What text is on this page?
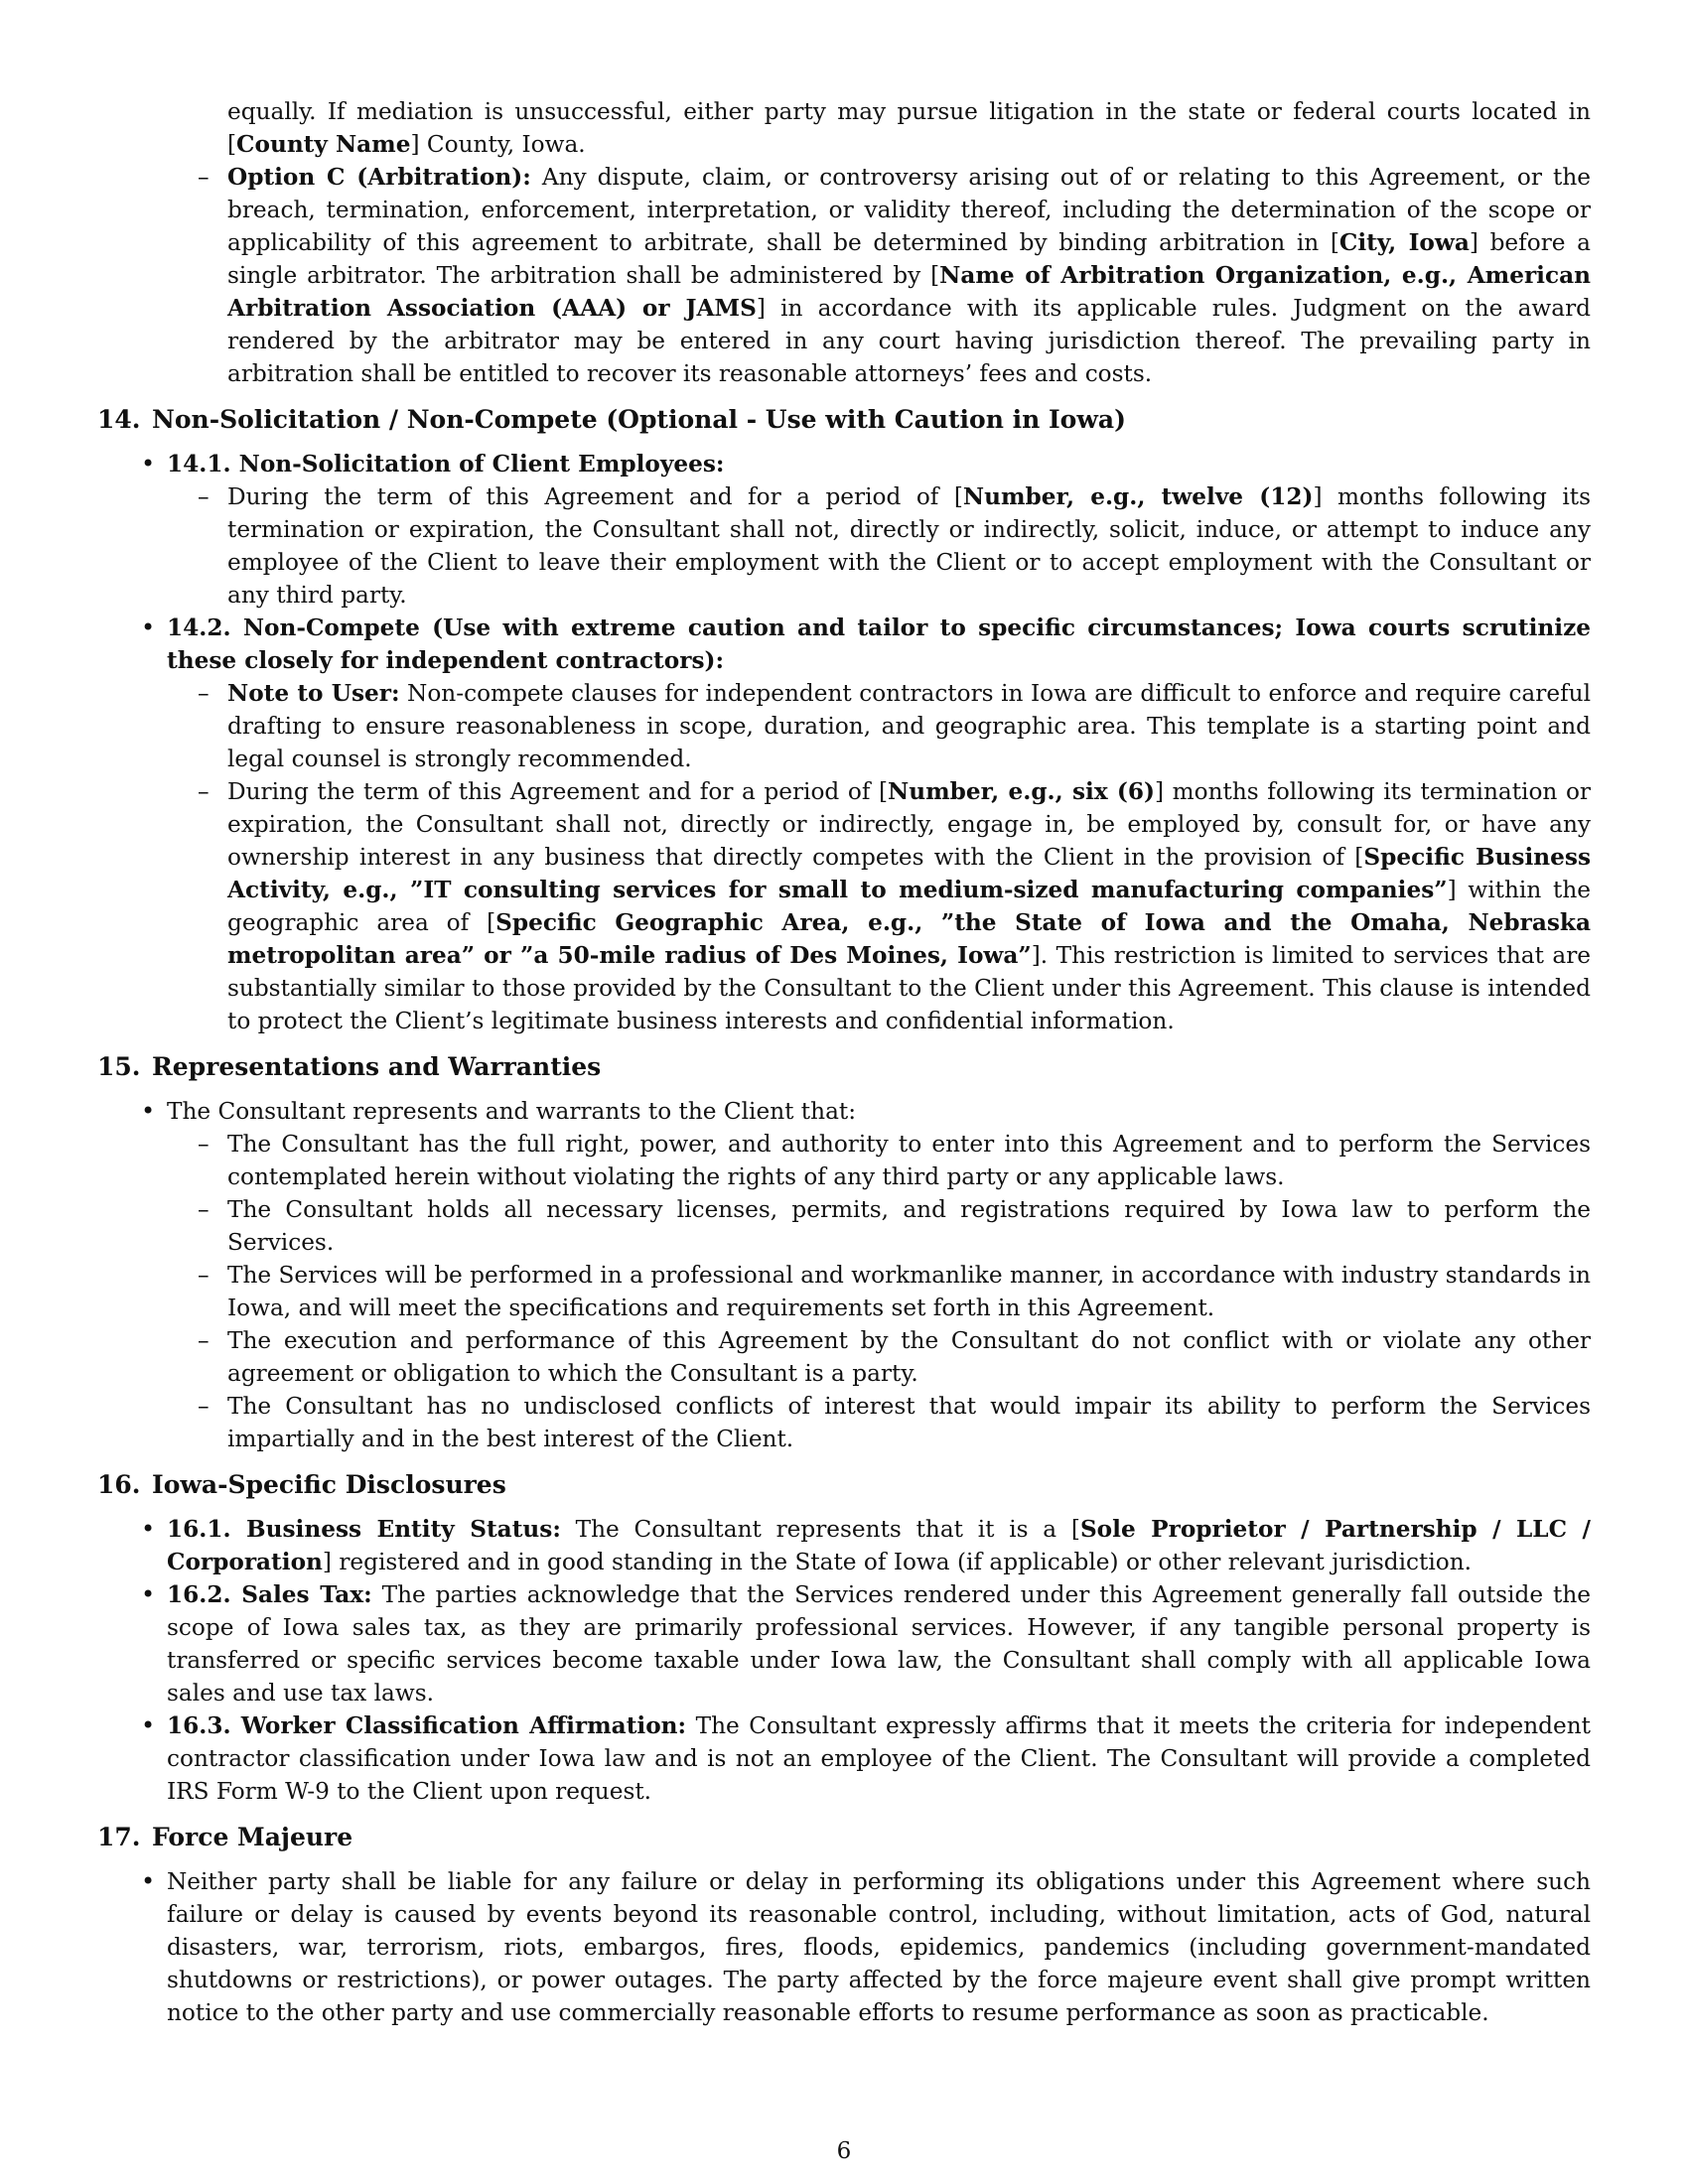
equally. If mediation is unsuccessful, either party may pursue litigation in the state or federal courts located in [County Name] County, Iowa.
– Option C (Arbitration): Any dispute, claim, or controversy arising out of or relating to this Agreement, or the breach, termination, enforcement, interpretation, or validity thereof, including the determination of the scope or applicability of this agreement to arbitrate, shall be determined by binding arbitration in [City, Iowa] before a single arbitrator. The arbitration shall be administered by [Name of Arbitration Organization, e.g., American Arbitration Association (AAA) or JAMS] in accordance with its applicable rules. Judgment on the award rendered by the arbitrator may be entered in any court having jurisdiction thereof. The prevailing party in arbitration shall be entitled to recover its reasonable attorneys’ fees and costs.
14. Non-Solicitation / Non-Compete (Optional - Use with Caution in Iowa)
• 14.1. Non-Solicitation of Client Employees:
– During the term of this Agreement and for a period of [Number, e.g., twelve (12)] months following its termination or expiration, the Consultant shall not, directly or indirectly, solicit, induce, or attempt to induce any employee of the Client to leave their employment with the Client or to accept employment with the Consultant or any third party.
• 14.2. Non-Compete (Use with extreme caution and tailor to specific circumstances; Iowa courts scrutinize these closely for independent contractors):
– Note to User: Non-compete clauses for independent contractors in Iowa are difficult to enforce and require careful drafting to ensure reasonableness in scope, duration, and geographic area. This template is a starting point and legal counsel is strongly recommended.
– During the term of this Agreement and for a period of [Number, e.g., six (6)] months following its termination or expiration, the Consultant shall not, directly or indirectly, engage in, be employed by, consult for, or have any ownership interest in any business that directly competes with the Client in the provision of [Specific Business Activity, e.g., ”IT consulting services for small to medium-sized manufacturing companies”] within the geographic area of [Specific Geographic Area, e.g., ”the State of Iowa and the Omaha, Nebraska metropolitan area” or ”a 50-mile radius of Des Moines, Iowa”]. This restriction is limited to services that are substantially similar to those provided by the Consultant to the Client under this Agreement. This clause is intended to protect the Client’s legitimate business interests and confidential information.
15. Representations and Warranties
• The Consultant represents and warrants to the Client that:
– The Consultant has the full right, power, and authority to enter into this Agreement and to perform the Services contemplated herein without violating the rights of any third party or any applicable laws.
– The Consultant holds all necessary licenses, permits, and registrations required by Iowa law to perform the Services.
– The Services will be performed in a professional and workmanlike manner, in accordance with industry standards in Iowa, and will meet the specifications and requirements set forth in this Agreement.
– The execution and performance of this Agreement by the Consultant do not conflict with or violate any other agreement or obligation to which the Consultant is a party.
– The Consultant has no undisclosed conflicts of interest that would impair its ability to perform the Services impartially and in the best interest of the Client.
16. Iowa-Specific Disclosures
• 16.1. Business Entity Status: The Consultant represents that it is a [Sole Proprietor / Partnership / LLC / Corporation] registered and in good standing in the State of Iowa (if applicable) or other relevant jurisdiction.
• 16.2. Sales Tax: The parties acknowledge that the Services rendered under this Agreement generally fall outside the scope of Iowa sales tax, as they are primarily professional services. However, if any tangible personal property is transferred or specific services become taxable under Iowa law, the Consultant shall comply with all applicable Iowa sales and use tax laws.
• 16.3. Worker Classification Affirmation: The Consultant expressly affirms that it meets the criteria for independent contractor classification under Iowa law and is not an employee of the Client. The Consultant will provide a completed IRS Form W-9 to the Client upon request.
17. Force Majeure
• Neither party shall be liable for any failure or delay in performing its obligations under this Agreement where such failure or delay is caused by events beyond its reasonable control, including, without limitation, acts of God, natural disasters, war, terrorism, riots, embargos, fires, floods, epidemics, pandemics (including government-mandated shutdowns or restrictions), or power outages. The party affected by the force majeure event shall give prompt written notice to the other party and use commercially reasonable efforts to resume performance as soon as practicable.
6
